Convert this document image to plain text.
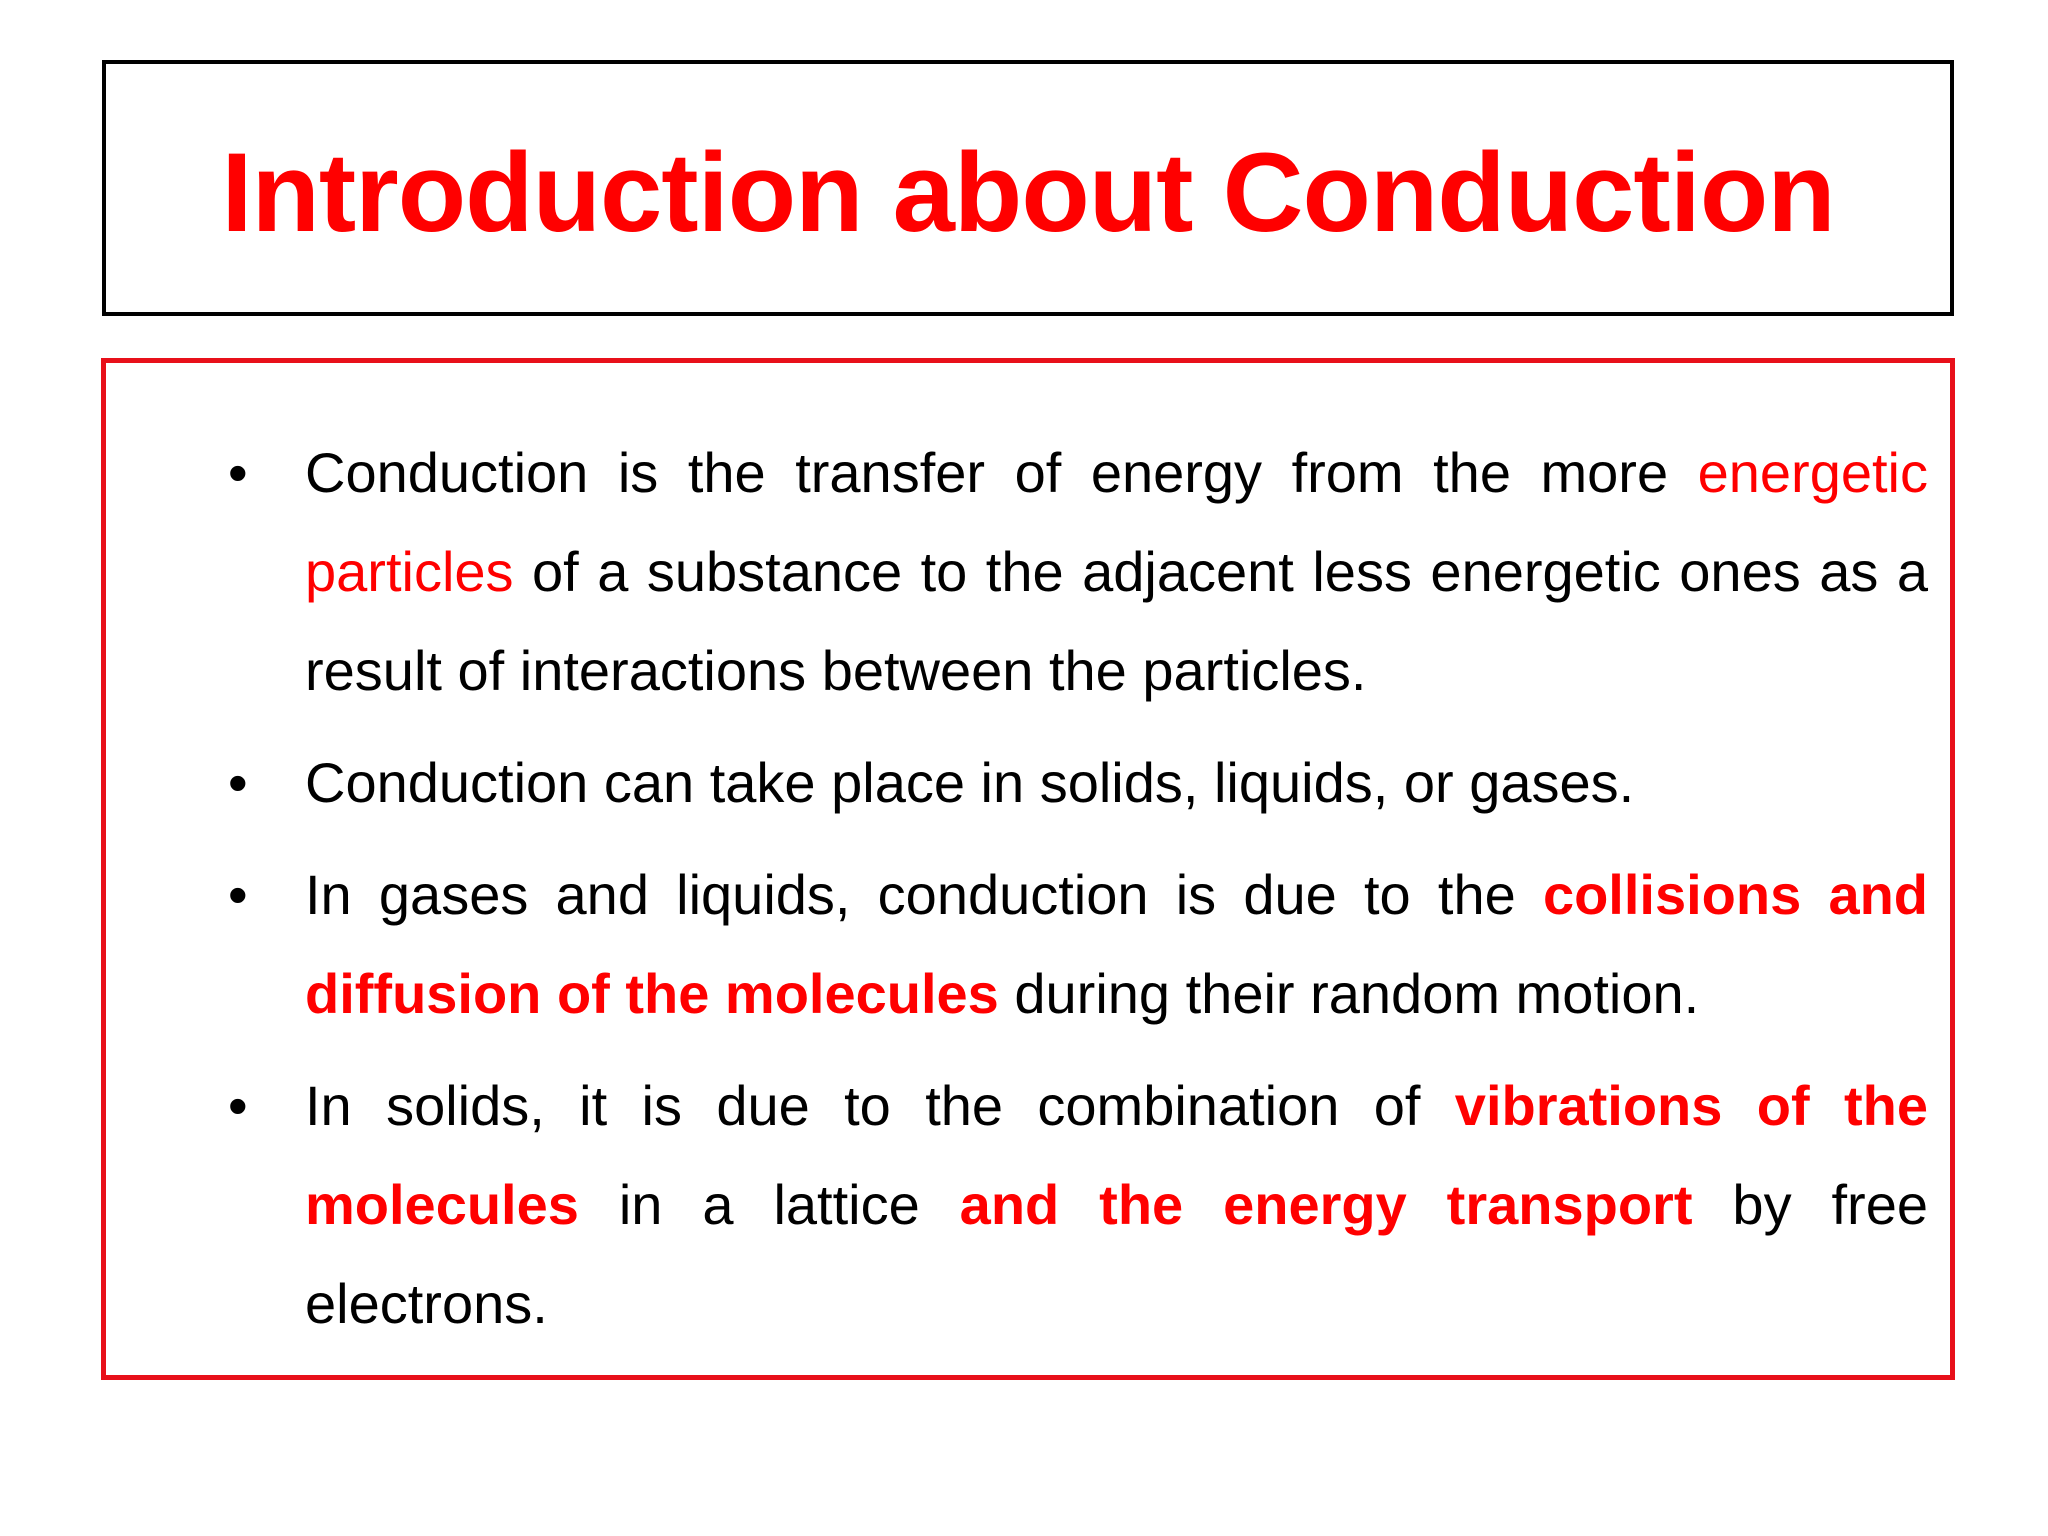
Introduction about Conduction
• Conduction is the transfer of energy from the more energetic particles of a substance to the adjacent less energetic ones as a result of interactions between the particles.
• Conduction can take place in solids, liquids, or gases.
• In gases and liquids, conduction is due to the collisions and diffusion of the molecules during their random motion.
• In solids, it is due to the combination of vibrations of the molecules in a lattice and the energy transport by free electrons.
